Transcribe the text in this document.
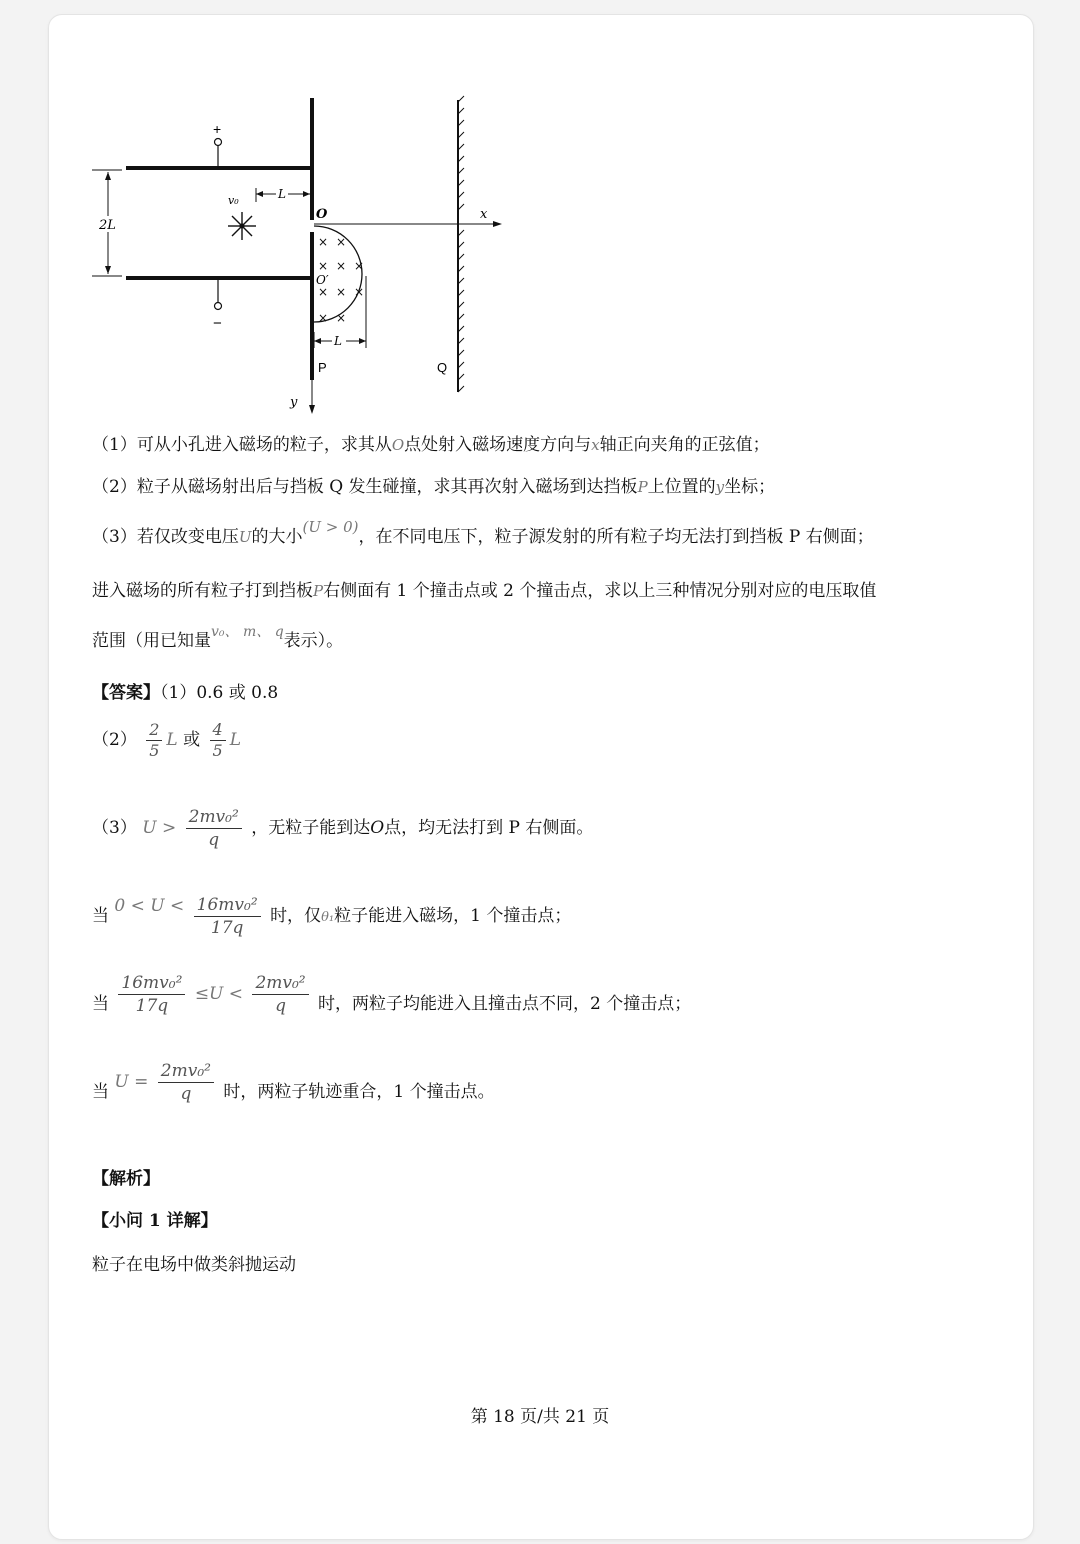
+
−
2L
y
x
O
L
v₀
× ×
× × ×
× × ×
× ×
O′
L
P	Q
（1）可从小孔进入磁场的粒子，求其从O点处射入磁场速度方向与x轴正向夹角的正弦值；
（2）粒子从磁场射出后与挡板 Q 发生碰撞，求其再次射入磁场到达挡板P上位置的y坐标；
（3）若仅改变电压U的大小(U > 0)，在不同电压下，粒子源发射的所有粒子均无法打到挡板 P 右侧面；
进入磁场的所有粒子打到挡板P右侧面有 1 个撞击点或 2 个撞击点，求以上三种情况分别对应的电压取值
范围（用已知量$^{v_0、 m、 q}$表示）。
【答案】（1）0.6 或 0.8
$(2) \frac{2}{5}$ L 或 $\frac{4}{5}$ L
（3） $U > \frac{\text{2mv₀²}}{q}$ ，无粒子能到达O点，均无法打到 P 右侧面。
当 $0 < U < \frac{\text{16mv₀²}}{17q}$ 时，仅θ₁粒子能进入磁场，1 个撞击点；
当 $\frac{\text{16mv₀²}}{17q} \le U < \frac{\text{2mv₀²}}{q}$ 时，两粒子均能进入且撞击点不同，2 个撞击点；
当 $U = \frac{\text{2mv₀²}}{q}$ 时，两粒子轨迹重合，1 个撞击点。
【解析】
【小问 1 详解】
粒子在电场中做类斜抛运动
第 18 页/共 21 页
